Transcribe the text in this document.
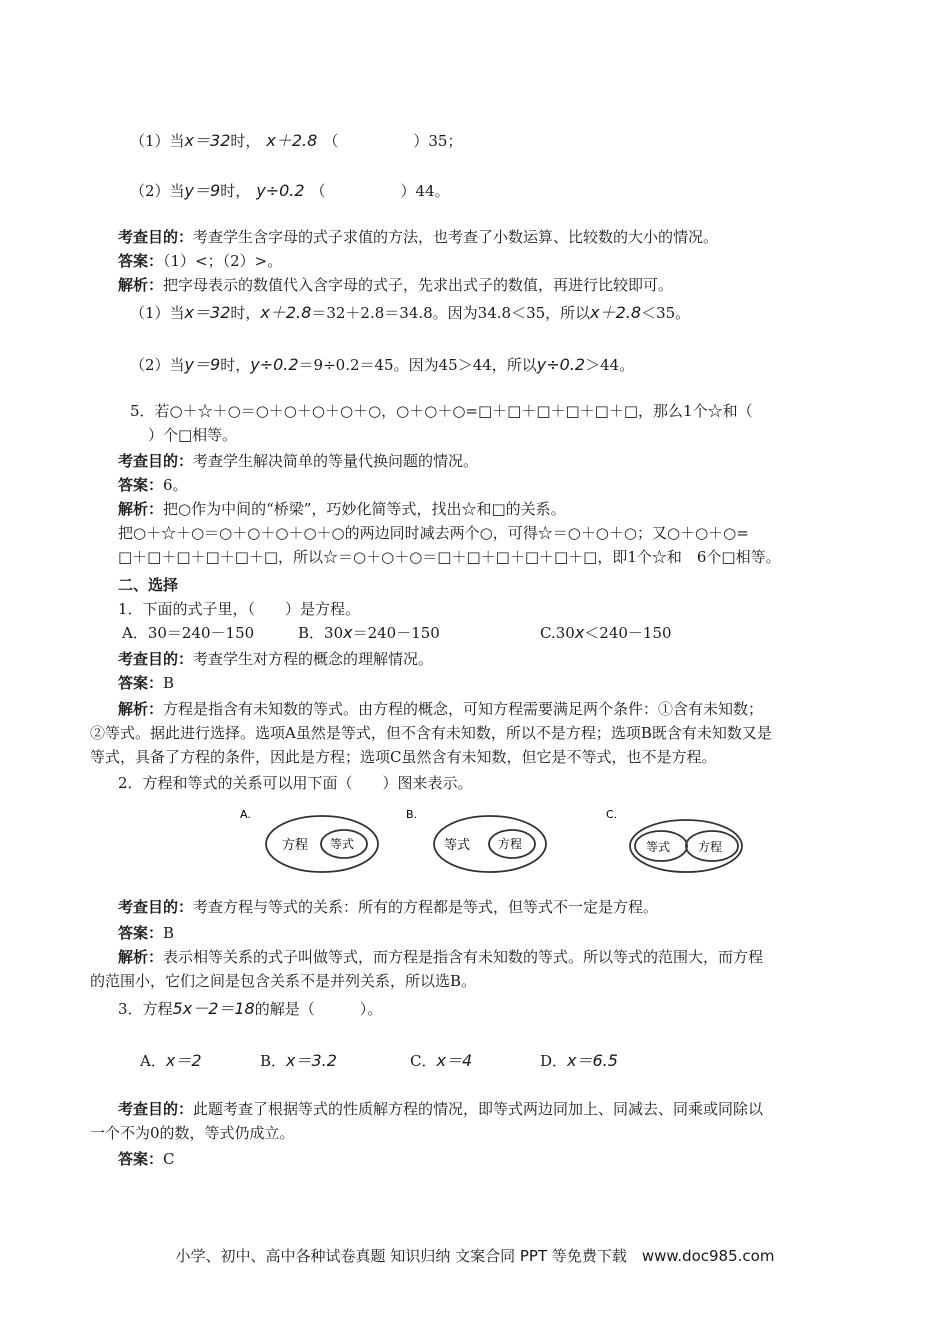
（1）当x＝32时， x＋2.8 （　　　　　）35；
（2）当y＝9时， y÷0.2 （　　　　　）44。
考查目的：考查学生含字母的式子求值的方法，也考查了小数运算、比较数的大小的情况。
答案：（1）<；（2）>。
解析：把字母表示的数值代入含字母的式子，先求出式子的数值，再进行比较即可。
（1）当x＝32时，x＋2.8＝32＋2.8＝34.8。因为34.8＜35，所以x＋2.8＜35。
（2）当y＝9时，y÷0.2＝9÷0.2＝45。因为45＞44，所以y÷0.2＞44。
5．若○＋☆＋○＝○＋○＋○＋○＋○，○＋○＋○=□＋□＋□＋□＋□＋□，那么1个☆和（
）个□相等。
考查目的：考查学生解决简单的等量代换问题的情况。
答案：6。
解析：把○作为中间的“桥梁”，巧妙化简等式，找出☆和□的关系。
把○＋☆＋○＝○＋○＋○＋○＋○的两边同时减去两个○，可得☆＝○＋○＋○；又○＋○＋○=
□＋□＋□＋□＋□＋□，所以☆＝○＋○＋○＝□＋□＋□＋□＋□＋□，即1个☆和　6个□相等。
二、选择
1．下面的式子里，（　　）是方程。
A．30＝240－150	B．30x＝240－150	C.30x＜240－150
考查目的：考查学生对方程的概念的理解情况。
答案：B
解析：方程是指含有未知数的等式。由方程的概念，可知方程需要满足两个条件：①含有未知数；
②等式。据此进行选择。选项A虽然是等式，但不含有未知数，所以不是方程；选项B既含有未知数又是
等式，具备了方程的条件，因此是方程；选项C虽然含有未知数，但它是不等式，也不是方程。
2．方程和等式的关系可以用下面（　　）图来表示。
A.
方程 等式
B.
等式 方程
C.
等式 方程
考查目的：考查方程与等式的关系：所有的方程都是等式，但等式不一定是方程。
答案：B
解析：表示相等关系的式子叫做等式，而方程是指含有未知数的等式。所以等式的范围大，而方程
的范围小，它们之间是包含关系不是并列关系，所以选B。
3．方程5x－2＝18的解是（　　　）。
A．x＝2	B．x＝3.2	C．x＝4	D．x＝6.5
考查目的：此题考查了根据等式的性质解方程的情况，即等式两边同加上、同减去、同乘或同除以
一个不为0的数，等式仍成立。
答案：C
小学、初中、高中各种试卷真题 知识归纳 文案合同 PPT 等免费下载　www.doc985.com
